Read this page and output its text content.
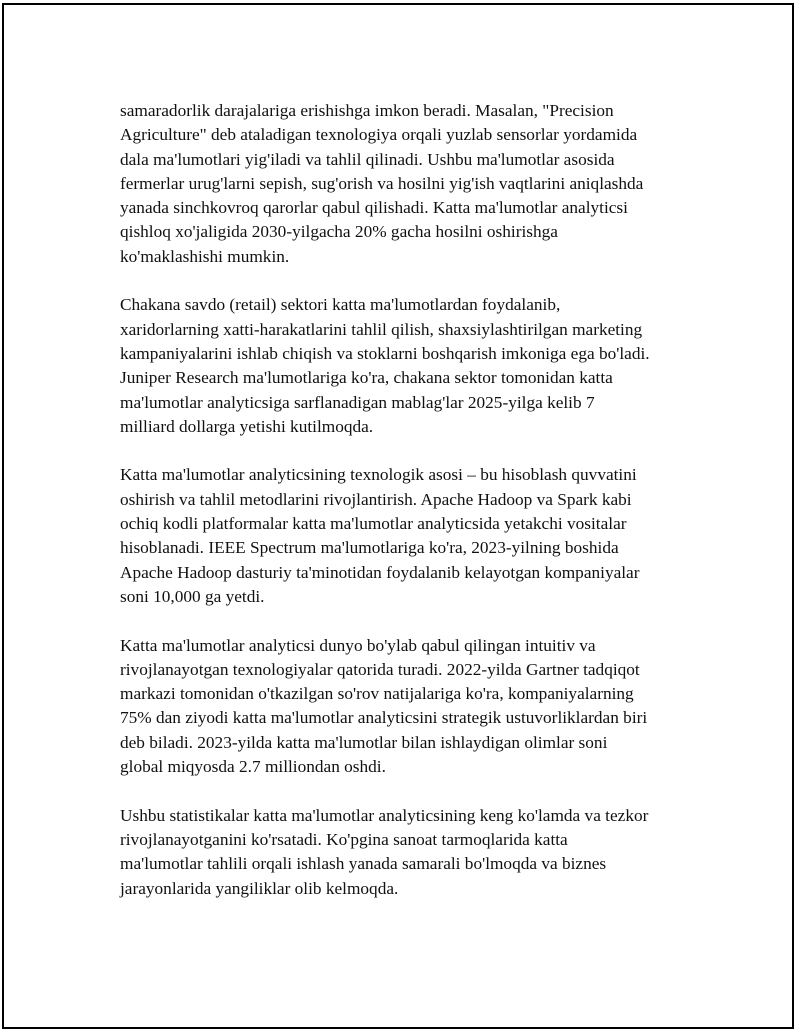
samaradorlik darajalariga erishishga imkon beradi. Masalan, "Precision
Agriculture" deb ataladigan texnologiya orqali yuzlab sensorlar yordamida
dala ma'lumotlari yig'iladi va tahlil qilinadi. Ushbu ma'lumotlar asosida
fermerlar urug'larni sepish, sug'orish va hosilni yig'ish vaqtlarini aniqlashda
yanada sinchkovroq qarorlar qabul qilishadi. Katta ma'lumotlar analyticsi
qishloq xo'jaligida 2030-yilgacha 20% gacha hosilni oshirishga
ko'maklashishi mumkin.

Chakana savdo (retail) sektori katta ma'lumotlardan foydalanib,
xaridorlarning xatti-harakatlarini tahlil qilish, shaxsiylashtirilgan marketing
kampaniyalarini ishlab chiqish va stoklarni boshqarish imkoniga ega bo'ladi.
Juniper Research ma'lumotlariga ko'ra, chakana sektor tomonidan katta
ma'lumotlar analyticsiga sarflanadigan mablag'lar 2025-yilga kelib 7
milliard dollarga yetishi kutilmoqda.

Katta ma'lumotlar analyticsining texnologik asosi – bu hisoblash quvvatini
oshirish va tahlil metodlarini rivojlantirish. Apache Hadoop va Spark kabi
ochiq kodli platformalar katta ma'lumotlar analyticsida yetakchi vositalar
hisoblanadi. IEEE Spectrum ma'lumotlariga ko'ra, 2023-yilning boshida
Apache Hadoop dasturiy ta'minotidan foydalanib kelayotgan kompaniyalar
soni 10,000 ga yetdi.

Katta ma'lumotlar analyticsi dunyo bo'ylab qabul qilingan intuitiv va
rivojlanayotgan texnologiyalar qatorida turadi. 2022-yilda Gartner tadqiqot
markazi tomonidan o'tkazilgan so'rov natijalariga ko'ra, kompaniyalarning
75% dan ziyodi katta ma'lumotlar analyticsini strategik ustuvorliklardan biri
deb biladi. 2023-yilda katta ma'lumotlar bilan ishlaydigan olimlar soni
global miqyosda 2.7 milliondan oshdi.

Ushbu statistikalar katta ma'lumotlar analyticsining keng ko'lamda va tezkor
rivojlanayotganini ko'rsatadi. Ko'pgina sanoat tarmoqlarida katta
ma'lumotlar tahlili orqali ishlash yanada samarali bo'lmoqda va biznes
jarayonlarida yangiliklar olib kelmoqda.
